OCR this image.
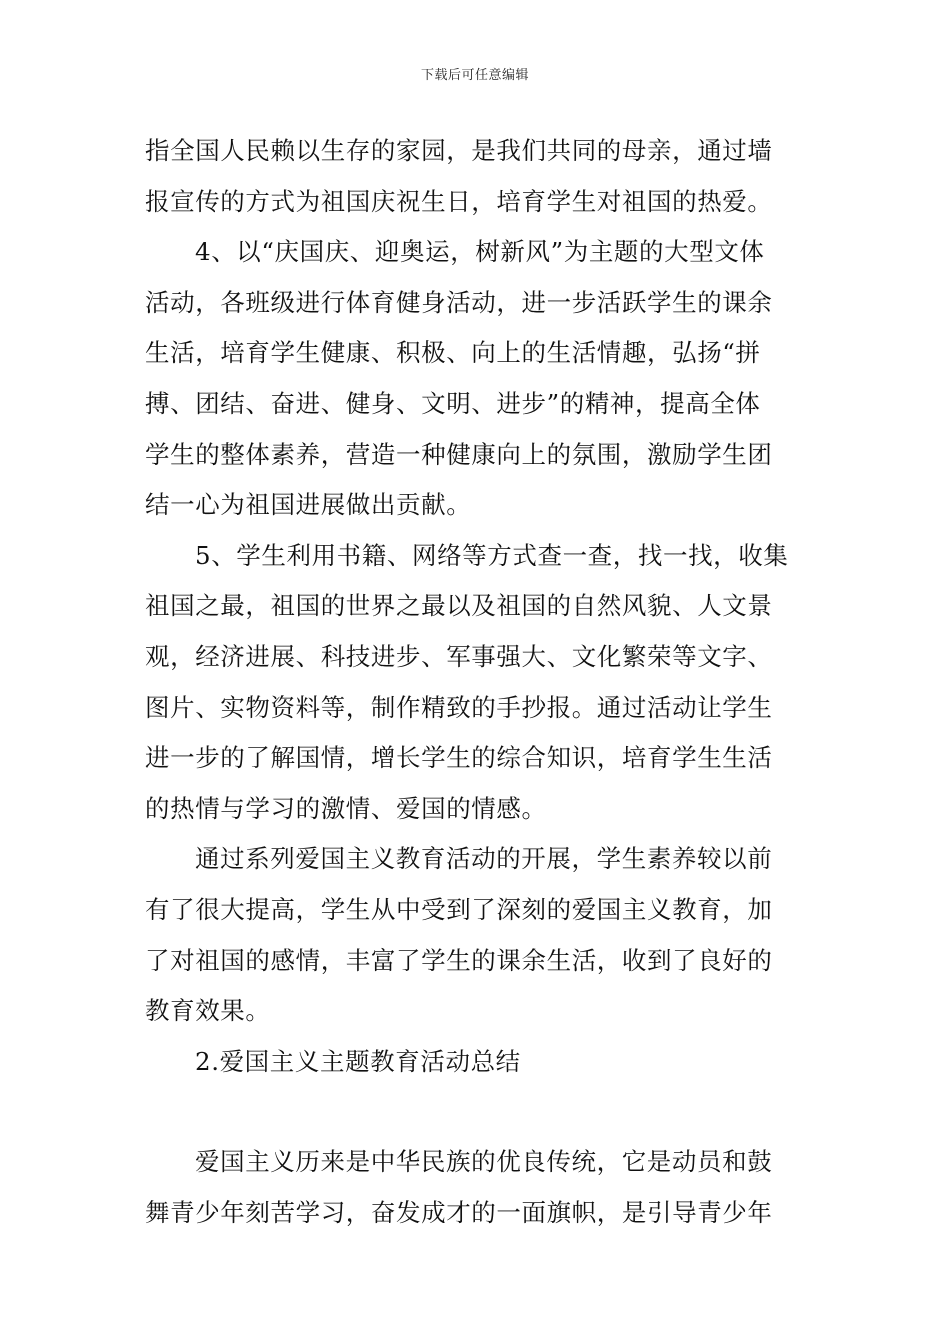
下载后可任意编辑
指全国人民赖以生存的家园，是我们共同的母亲，通过墙
报宣传的方式为祖国庆祝生日，培育学生对祖国的热爱。
4、以“庆国庆、迎奥运，树新风”为主题的大型文体
活动，各班级进行体育健身活动，进一步活跃学生的课余
生活，培育学生健康、积极、向上的生活情趣，弘扬“拼
搏、团结、奋进、健身、文明、进步”的精神，提高全体
学生的整体素养，营造一种健康向上的氛围，激励学生团
结一心为祖国进展做出贡献。
5、学生利用书籍、网络等方式查一查，找一找，收集
祖国之最，祖国的世界之最以及祖国的自然风貌、人文景
观，经济进展、科技进步、军事强大、文化繁荣等文字、
图片、实物资料等，制作精致的手抄报。通过活动让学生
进一步的了解国情，增长学生的综合知识，培育学生生活
的热情与学习的激情、爱国的情感。
通过系列爱国主义教育活动的开展，学生素养较以前
有了很大提高，学生从中受到了深刻的爱国主义教育，加
了对祖国的感情，丰富了学生的课余生活，收到了良好的
教育效果。
2.爱国主义主题教育活动总结
爱国主义历来是中华民族的优良传统，它是动员和鼓
舞青少年刻苦学习，奋发成才的一面旗帜，是引导青少年
